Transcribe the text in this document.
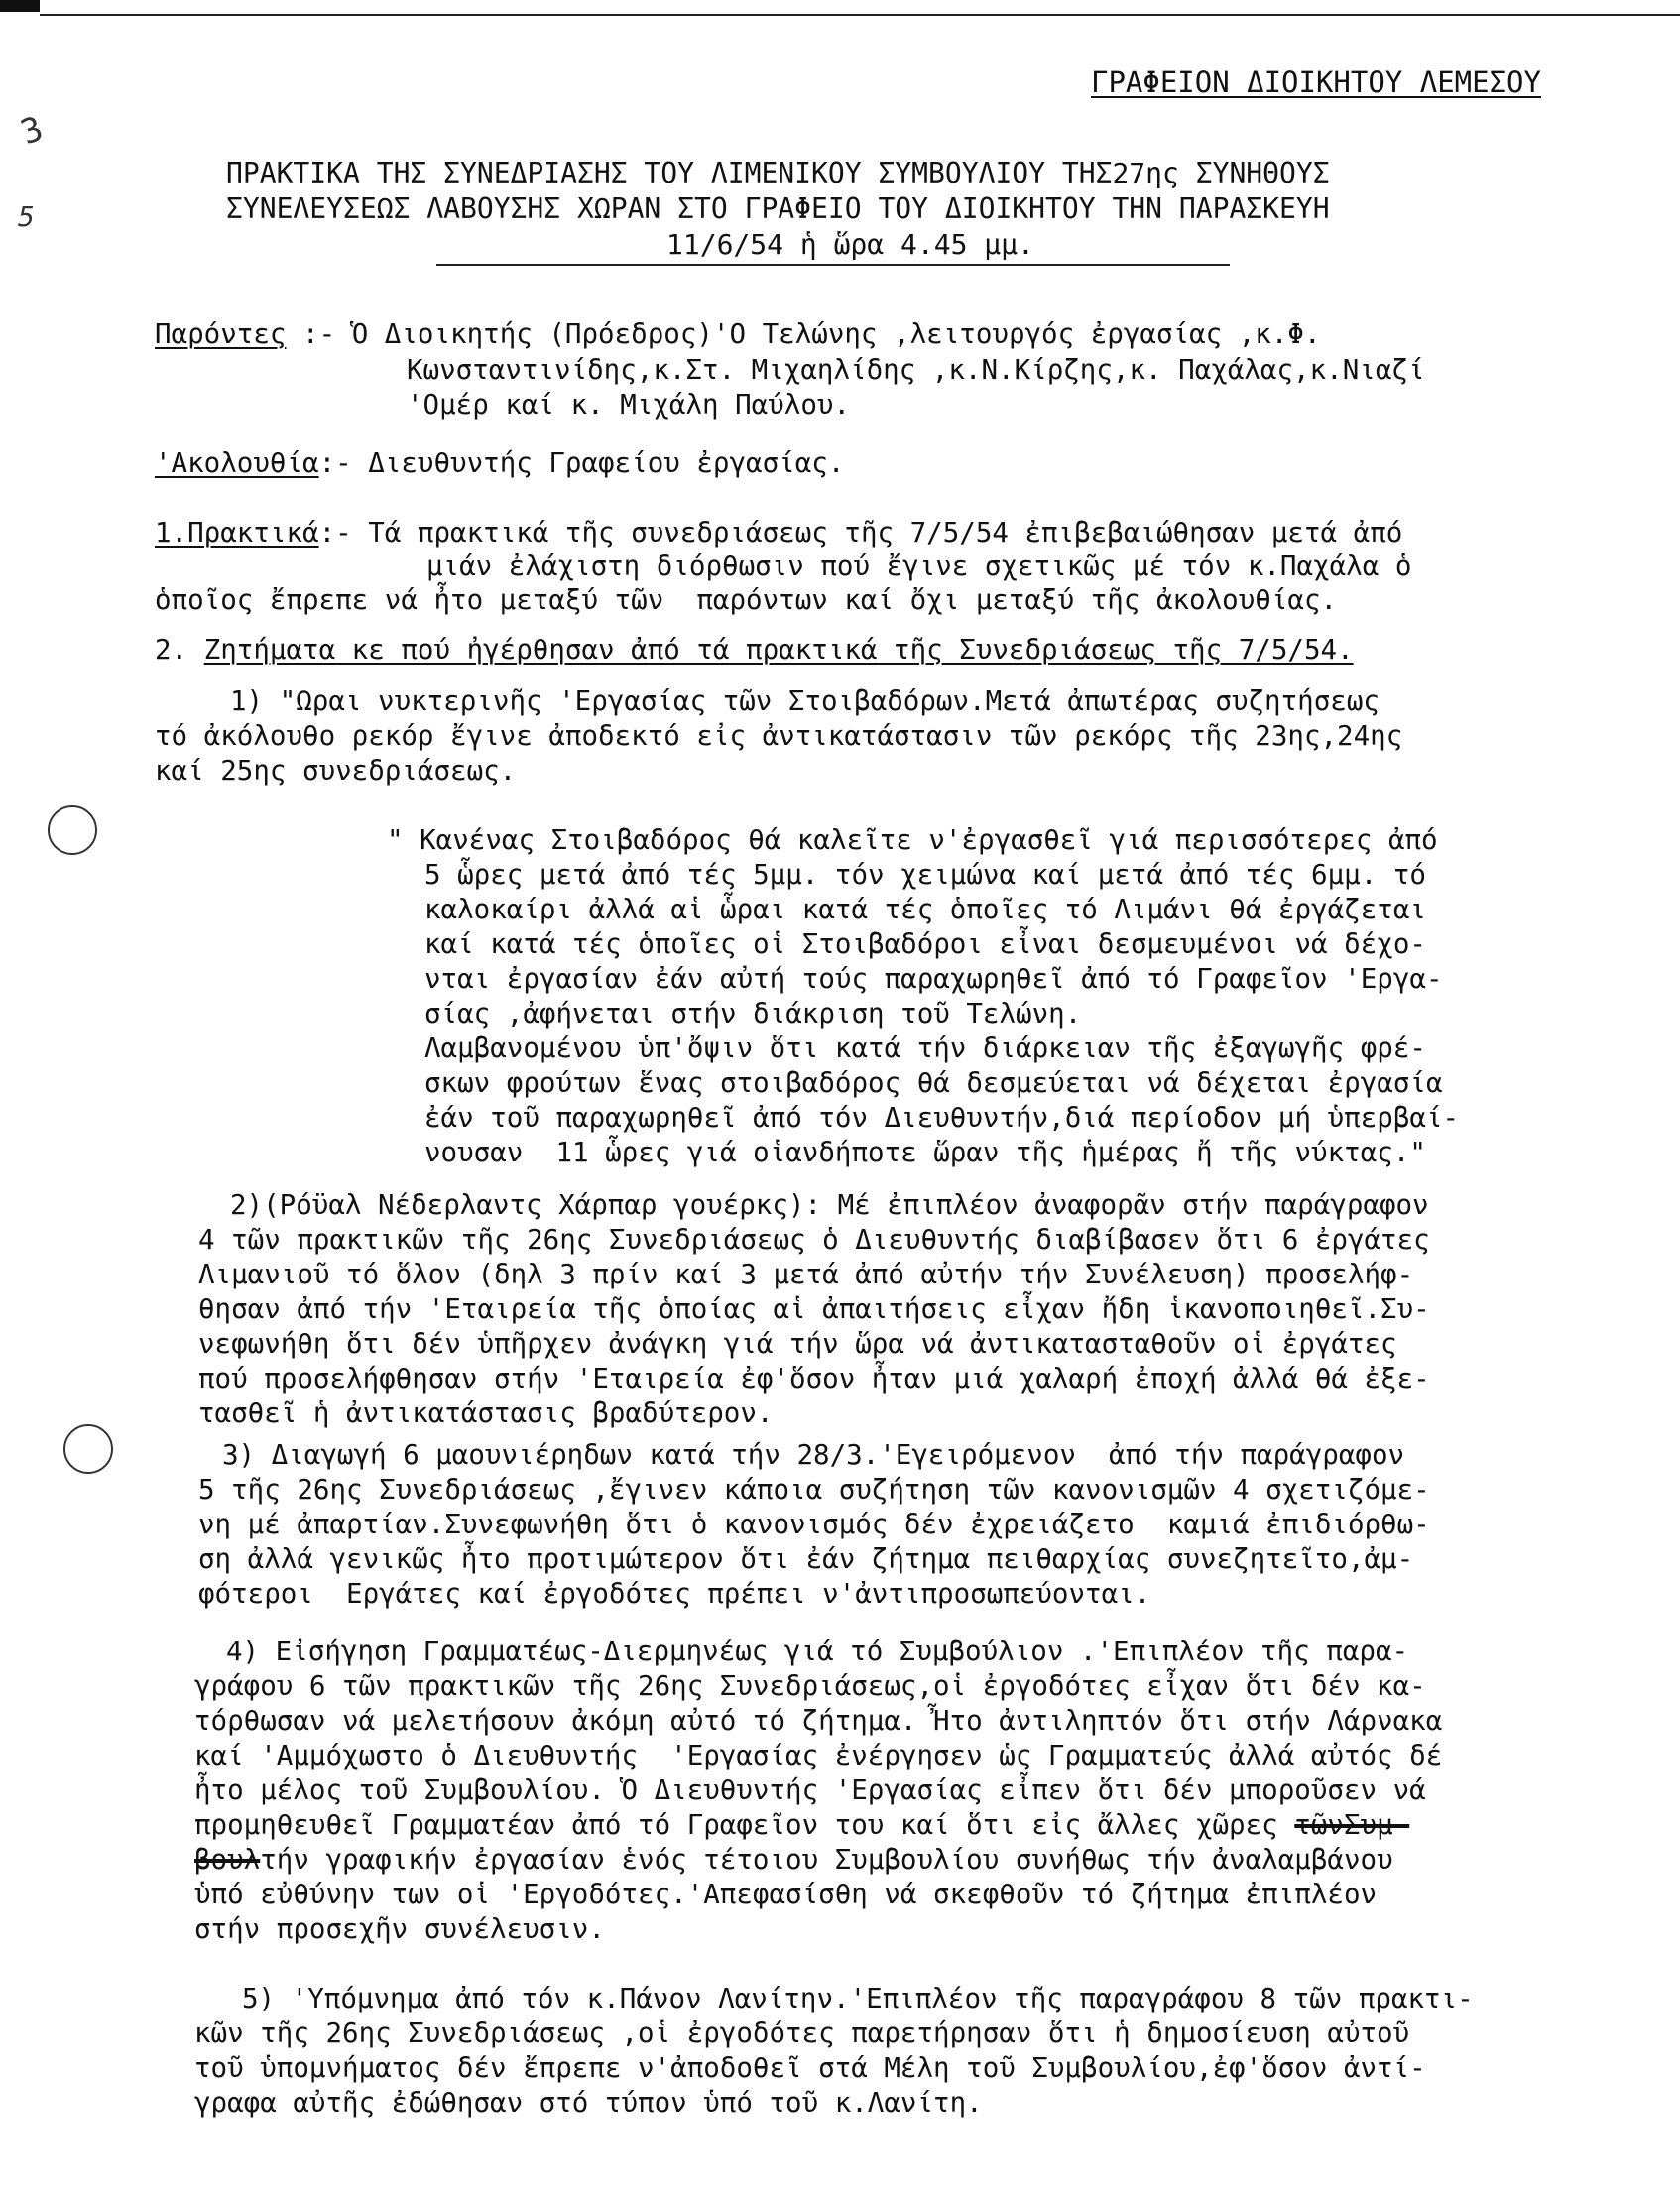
3
5
ΓΡΑΦΕΙΟΝ ΔΙΟΙΚΗΤΟΥ ΛΕΜΕΣΟΥ
ΠΡΑΚΤΙΚΑ ΤΗΣ ΣΥΝΕΔΡΙΑΣΗΣ ΤΟΥ ΛΙΜΕΝΙΚΟΥ ΣΥΜΒΟΥΛΙΟΥ ΤΗΣ27ης ΣΥΝΗΘΟΥΣ
ΣΥΝΕΛΕΥΣΕΩΣ ΛΑΒΟΥΣΗΣ ΧΩΡΑΝ ΣΤΟ ΓΡΑΦΕΙΟ ΤΟΥ ΔΙΟΙΚΗΤΟΥ ΤΗΝ ΠΑΡΑΣΚΕΥΗ
11/6/54 ἡ ὥρα 4.45 μμ.
Παρόντες :- Ὁ Διοικητής (Πρόεδρος)'Ο Τελώνης ,λειτουργός ἐργασίας ,κ.Φ.
Κωνσταντινίδης,κ.Στ. Μιχαηλίδης ,κ.Ν.Κίρζης,κ. Παχάλας,κ.Νιαζί
'Ομέρ καί κ. Μιχάλη Παύλου.
'Ακολουθία:- Διευθυντής Γραφείου ἐργασίας.
1.Πρακτικά:- Τά πρακτικά τῆς συνεδριάσεως τῆς 7/5/54 ἐπιβεβαιώθησαν μετά ἀπό
μιάν ἐλάχιστη διόρθωσιν πού ἔγινε σχετικῶς μέ τόν κ.Παχάλα ὁ
ὁποῖος ἔπρεπε νά ἦτο μεταξύ τῶν  παρόντων καί ὄχι μεταξύ τῆς ἀκολουθίας.
2. Ζητήματα κε πού ἠγέρθησαν ἀπό τά πρακτικά τῆς Συνεδριάσεως τῆς 7/5/54.
1) "Ωραι νυκτερινῆς 'Εργασίας τῶν Στοιβαδόρων.Μετά ἀπωτέρας συζητήσεως
τό ἀκόλουθο ρεκόρ ἔγινε ἀποδεκτό εἰς ἀντικατάστασιν τῶν ρεκόρς τῆς 23ης,24ης
καί 25ης συνεδριάσεως.
" Κανένας Στοιβαδόρος θά καλεῖτε ν'ἐργασθεῖ γιά περισσότερες ἀπό
5 ὧρες μετά ἀπό τές 5μμ. τόν χειμώνα καί μετά ἀπό τές 6μμ. τό
καλοκαίρι ἀλλά αἱ ὧραι κατά τές ὁποῖες τό Λιμάνι θά ἐργάζεται
καί κατά τές ὁποῖες οἱ Στοιβαδόροι εἶναι δεσμευμένοι νά δέχο-
νται ἐργασίαν ἐάν αὐτή τούς παραχωρηθεῖ ἀπό τό Γραφεῖον 'Εργα-
σίας ,ἀφήνεται στήν διάκριση τοῦ Τελώνη.
Λαμβανομένου ὑπ'ὄψιν ὅτι κατά τήν διάρκειαν τῆς ἐξαγωγῆς φρέ-
σκων φρούτων ἕνας στοιβαδόρος θά δεσμεύεται νά δέχεται ἐργασία
ἐάν τοῦ παραχωρηθεῖ ἀπό τόν Διευθυντήν,διά περίοδον μή ὑπερβαί-
νουσαν  11 ὧρες γιά οἱανδήποτε ὥραν τῆς ἡμέρας ἤ τῆς νύκτας."
2)(Ρόϋαλ Νέδερλαντς Χάρπαρ γουέρκς): Μέ ἐπιπλέον ἀναφορᾶν στήν παράγραφον
4 τῶν πρακτικῶν τῆς 26ης Συνεδριάσεως ὁ Διευθυντής διαβίβασεν ὅτι 6 ἐργάτες
Λιμανιοῦ τό ὅλον (δηλ 3 πρίν καί 3 μετά ἀπό αὐτήν τήν Συνέλευση) προσελήφ-
θησαν ἀπό τήν 'Εταιρεία τῆς ὁποίας αἱ ἀπαιτήσεις εἶχαν ἤδη ἱκανοποιηθεῖ.Συ-
νεφωνήθη ὅτι δέν ὑπῆρχεν ἀνάγκη γιά τήν ὥρα νά ἀντικατασταθοῦν οἱ ἐργάτες
πού προσελήφθησαν στήν 'Εταιρεία ἐφ'ὅσον ἦταν μιά χαλαρή ἐποχή ἀλλά θά ἐξε-
τασθεῖ ἡ ἀντικατάστασις βραδύτερον.
3) Διαγωγή 6 μαουνιέρηδων κατά τήν 28/3.'Εγειρόμενον  ἀπό τήν παράγραφον
5 τῆς 26ης Συνεδριάσεως ,ἔγινεν κάποια συζήτηση τῶν κανονισμῶν 4 σχετιζόμε-
νη μέ ἀπαρτίαν.Συνεφωνήθη ὅτι ὁ κανονισμός δέν ἐχρειάζετο  καμιά ἐπιδιόρθω-
ση ἀλλά γενικῶς ἦτο προτιμώτερον ὅτι ἐάν ζήτημα πειθαρχίας συνεζητεῖτο,ἀμ-
φότεροι  Εργάτες καί ἐργοδότες πρέπει ν'ἀντιπροσωπεύονται.
4) Εἰσήγηση Γραμματέως-Διερμηνέως γιά τό Συμβούλιον .'Επιπλέον τῆς παρα-
γράφου 6 τῶν πρακτικῶν τῆς 26ης Συνεδριάσεως,οἱ ἐργοδότες εἶχαν ὅτι δέν κα-
τόρθωσαν νά μελετήσουν ἀκόμη αὐτό τό ζήτημα. Ἦτο ἀντιληπτόν ὅτι στήν Λάρνακα
καί 'Αμμόχωστο ὁ Διευθυντής  'Εργασίας ἐνέργησεν ὡς Γραμματεύς ἀλλά αὐτός δέ
ἦτο μέλος τοῦ Συμβουλίου. Ὁ Διευθυντής 'Εργασίας εἶπεν ὅτι δέν μποροῦσεν νά
προμηθευθεῖ Γραμματέαν ἀπό τό Γραφεῖον του καί ὅτι εἰς ἄλλες χῶρες τῶνΣυμ-
βουλτήν γραφικήν ἐργασίαν ἑνός τέτοιου Συμβουλίου συνήθως τήν ἀναλαμβάνου
ὑπό εὐθύνην των οἱ 'Εργοδότες.'Απεφασίσθη νά σκεφθοῦν τό ζήτημα ἐπιπλέον
στήν προσεχῆν συνέλευσιν.
5) 'Υπόμνημα ἀπό τόν κ.Πάνον Λανίτην.'Επιπλέον τῆς παραγράφου 8 τῶν πρακτι-
κῶν τῆς 26ης Συνεδριάσεως ,οἱ ἐργοδότες παρετήρησαν ὅτι ἡ δημοσίευση αὐτοῦ
τοῦ ὑπομνήματος δέν ἔπρεπε ν'ἀποδοθεῖ στά Μέλη τοῦ Συμβουλίου,ἐφ'ὅσον ἀντί-
γραφα αὐτῆς ἐδώθησαν στό τύπον ὑπό τοῦ κ.Λανίτη.
